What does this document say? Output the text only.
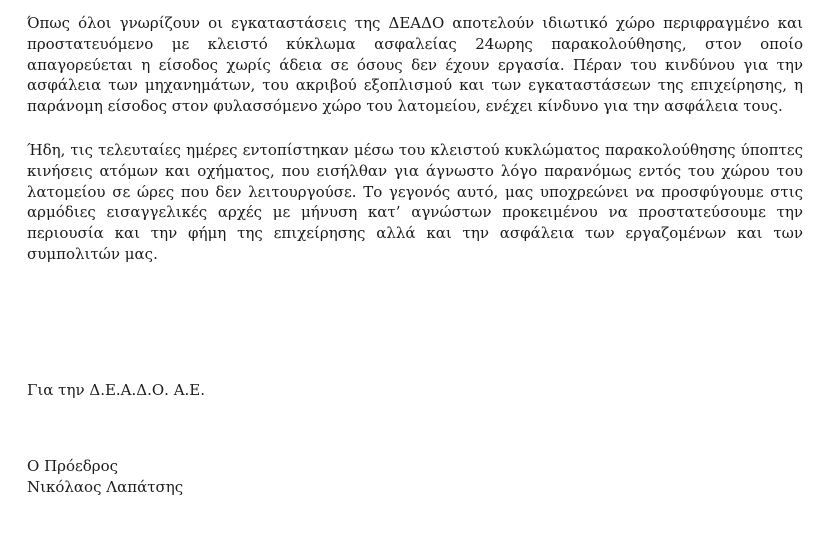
Όπως όλοι γνωρίζουν οι εγκαταστάσεις της ΔΕΑΔΟ αποτελούν ιδιωτικό χώρο περιφραγμένο και προστατευόμενο με κλειστό κύκλωμα ασφαλείας 24ωρης παρακολούθησης, στον οποίο απαγορεύεται η είσοδος χωρίς άδεια σε όσους δεν έχουν εργασία. Πέραν του κινδύνου για την ασφάλεια των μηχανημάτων, του ακριβού εξοπλισμού και των εγκαταστάσεων της επιχείρησης, η παράνομη είσοδος στον φυλασσόμενο χώρο του λατομείου, ενέχει κίνδυνο για την ασφάλεια τους.

Ήδη, τις τελευταίες ημέρες εντοπίστηκαν μέσω του κλειστού κυκλώματος παρακολούθησης ύποπτες κινήσεις ατόμων και οχήματος, που εισήλθαν για άγνωστο λόγο παρανόμως εντός του χώρου του λατομείου σε ώρες που δεν λειτουργούσε. Το γεγονός αυτό, μας υποχρεώνει να προσφύγουμε στις αρμόδιες εισαγγελικές αρχές με μήνυση κατ’ αγνώστων προκειμένου να προστατεύσουμε την περιουσία και την φήμη της επιχείρησης αλλά και την ασφάλεια των εργαζομένων και των συμπολιτών μας.

Για την Δ.Ε.Α.Δ.Ο. Α.Ε.
Ο Πρόεδρος
Νικόλαος Λαπάτσης
